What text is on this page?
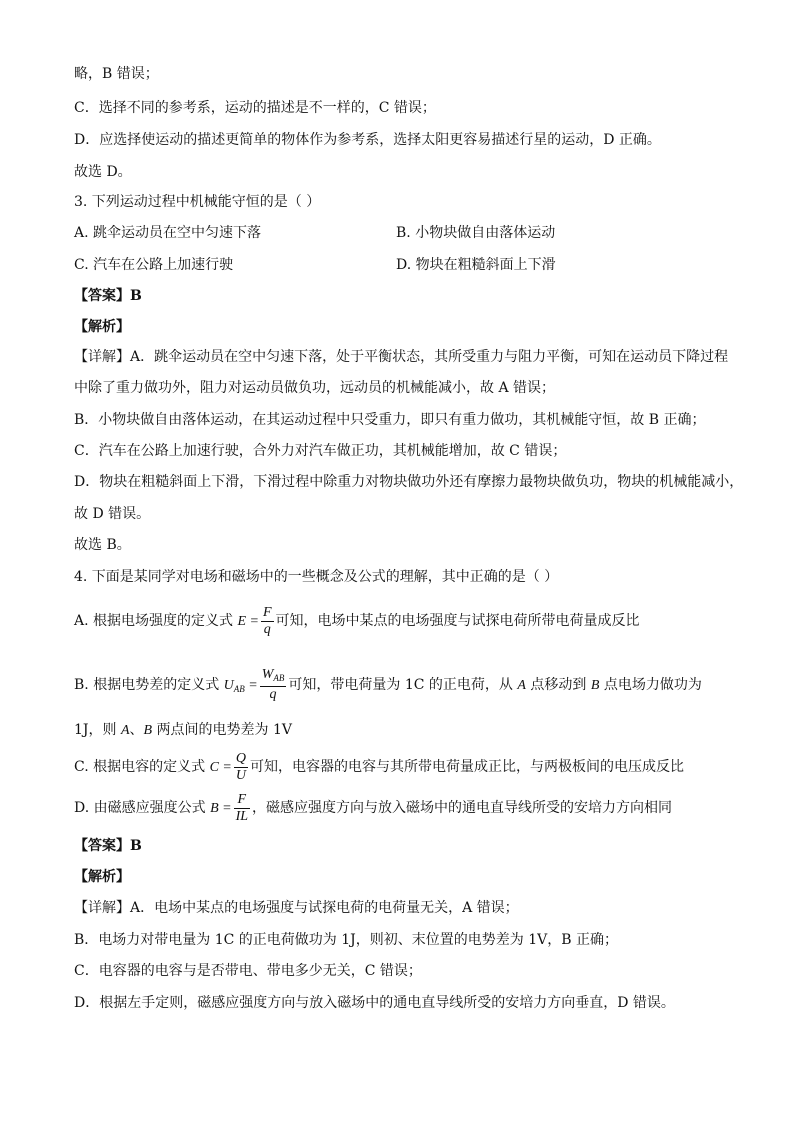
略，B 错误；
C．选择不同的参考系，运动的描述是不一样的，C 错误；
D．应选择使运动的描述更简单的物体作为参考系，选择太阳更容易描述行星的运动，D 正确。
故选 D。
3. 下列运动过程中机械能守恒的是（ ）
A. 跳伞运动员在空中匀速下落	B. 小物块做自由落体运动
C. 汽车在公路上加速行驶	D. 物块在粗糙斜面上下滑
【答案】B
【解析】
【详解】A．跳伞运动员在空中匀速下落，处于平衡状态，其所受重力与阻力平衡，可知在运动员下降过程
中除了重力做功外，阻力对运动员做负功，远动员的机械能减小，故 A 错误；
B．小物块做自由落体运动，在其运动过程中只受重力，即只有重力做功，其机械能守恒，故 B 正确；
C．汽车在公路上加速行驶，合外力对汽车做正功，其机械能增加，故 C 错误；
D．物块在粗糙斜面上下滑，下滑过程中除重力对物块做功外还有摩擦力最物块做负功，物块的机械能减小，
故 D 错误。
故选 B。
4. 下面是某同学对电场和磁场中的一些概念及公式的理解，其中正确的是（ ）
A. 根据电场强度的定义式 $E = \frac{F}{q}$ 可知，电场中某点的电场强度与试探电荷所带电荷量成反比
B. 根据电势差的定义式 $U_{AB} = \frac{W_{AB}}{q}$ 可知，带电荷量为 1C 的正电荷，从 A 点移动到 B 点电场力做功为
1J，则 A、B 两点间的电势差为 1V
C. 根据电容的定义式 $C = \frac{Q}{U}$ 可知，电容器的电容与其所带电荷量成正比，与两极板间的电压成反比
D. 由磁感应强度公式 $B = \frac{F}{IL}$ ，磁感应强度方向与放入磁场中的通电直导线所受的安培力方向相同
【答案】B
【解析】
【详解】A．电场中某点的电场强度与试探电荷的电荷量无关，A 错误；
B．电场力对带电量为 1C 的正电荷做功为 1J，则初、末位置的电势差为 1V，B 正确；
C．电容器的电容与是否带电、带电多少无关，C 错误；
D．根据左手定则，磁感应强度方向与放入磁场中的通电直导线所受的安培力方向垂直，D 错误。
